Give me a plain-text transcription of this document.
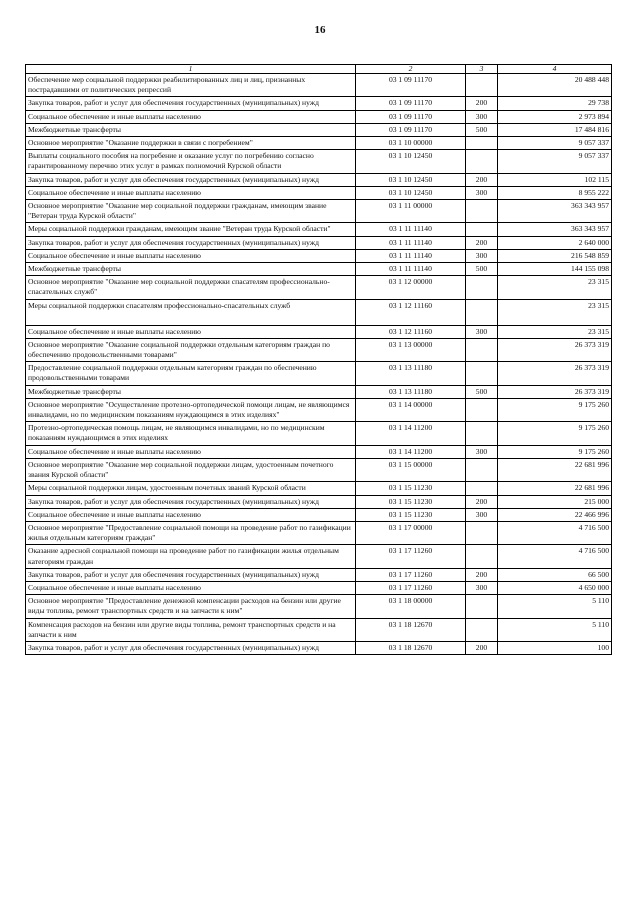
16
1	2	3	4
Обеспечение мер социальной поддержки реабилитированных лиц и лиц, признанных пострадавшими от политических репрессий	03 1 09 11170		20 488 448
Закупка товаров, работ и услуг для обеспечения государственных (муниципальных) нужд	03 1 09 11170	200	29 738
Социальное обеспечение и иные выплаты населению	03 1 09 11170	300	2 973 894
Межбюджетные трансферты	03 1 09 11170	500	17 484 816
Основное мероприятие "Оказание поддержки в связи с погребением"	03 1 10 00000		9 057 337
Выплаты социального пособия на погребение и оказание услуг по погребению согласно гарантированному перечню этих услуг в рамках полномочий Курской области	03 1 10 12450		9 057 337
Закупка товаров, работ и услуг для обеспечения государственных (муниципальных) нужд	03 1 10 12450	200	102 115
Социальное обеспечение и иные выплаты населению	03 1 10 12450	300	8 955 222
Основное мероприятие "Оказание мер социальной поддержки гражданам, имеющим звание "Ветеран труда Курской области"	03 1 11 00000		363 343 957
Меры социальной поддержки гражданам, имеющим звание "Ветеран труда Курской области"	03 1 11 11140		363 343 957
Закупка товаров, работ и услуг для обеспечения государственных (муниципальных) нужд	03 1 11 11140	200	2 640 000
Социальное обеспечение и иные выплаты населению	03 1 11 11140	300	216 548 859
Межбюджетные трансферты	03 1 11 11140	500	144 155 098
Основное мероприятие "Оказание мер социальной поддержки спасателям профессионально-спасательных служб"	03 1 12 00000		23 315
Меры социальной поддержки спасателям профессионально-спасательных служб	03 1 12 11160		23 315
Социальное обеспечение и иные выплаты населению	03 1 12 11160	300	23 315
Основное мероприятие "Оказание социальной поддержки отдельным категориям граждан по обеспечению продовольственными товарами"	03 1 13 00000		26 373 319
Предоставление социальной поддержки отдельным категориям граждан по обеспечению продовольственными товарами	03 1 13 11180		26 373 319
Межбюджетные трансферты	03 1 13 11180	500	26 373 319
Основное мероприятие "Осуществление протезно-ортопедической помощи лицам, не являющимся инвалидами, но по медицинским показаниям нуждающимся в этих изделиях"	03 1 14 00000		9 175 260
Протезно-ортопедическая помощь лицам, не являющимся инвалидами, но по медицинским показаниям нуждающимся в этих изделиях	03 1 14 11200		9 175 260
Социальное обеспечение и иные выплаты населению	03 1 14 11200	300	9 175 260
Основное мероприятие "Оказание мер социальной поддержки лицам, удостоенным почетного звания Курской области"	03 1 15 00000		22 681 996
Меры социальной поддержки лицам, удостоенным почетных званий Курской области	03 1 15 11230		22 681 996
Закупка товаров, работ и услуг для обеспечения государственных (муниципальных) нужд	03 1 15 11230	200	215 000
Социальное обеспечение и иные выплаты населению	03 1 15 11230	300	22 466 996
Основное мероприятие "Предоставление социальной помощи на проведение работ по газификации жилья отдельным категориям граждан"	03 1 17 00000		4 716 500
Оказание адресной социальной помощи на проведение работ по газификации жилья отдельным категориям граждан	03 1 17 11260		4 716 500
Закупка товаров, работ и услуг для обеспечения государственных (муниципальных) нужд	03 1 17 11260	200	66 500
Социальное обеспечение и иные выплаты населению	03 1 17 11260	300	4 650 000
Основное мероприятие "Предоставление денежной компенсации расходов на бензин или другие виды топлива, ремонт транспортных средств и на запчасти к ним"	03 1 18 00000		5 110
Компенсация расходов на бензин или другие виды топлива, ремонт транспортных средств и на запчасти к ним	03 1 18 12670		5 110
Закупка товаров, работ и услуг для обеспечения государственных (муниципальных) нужд	03 1 18 12670	200	100
